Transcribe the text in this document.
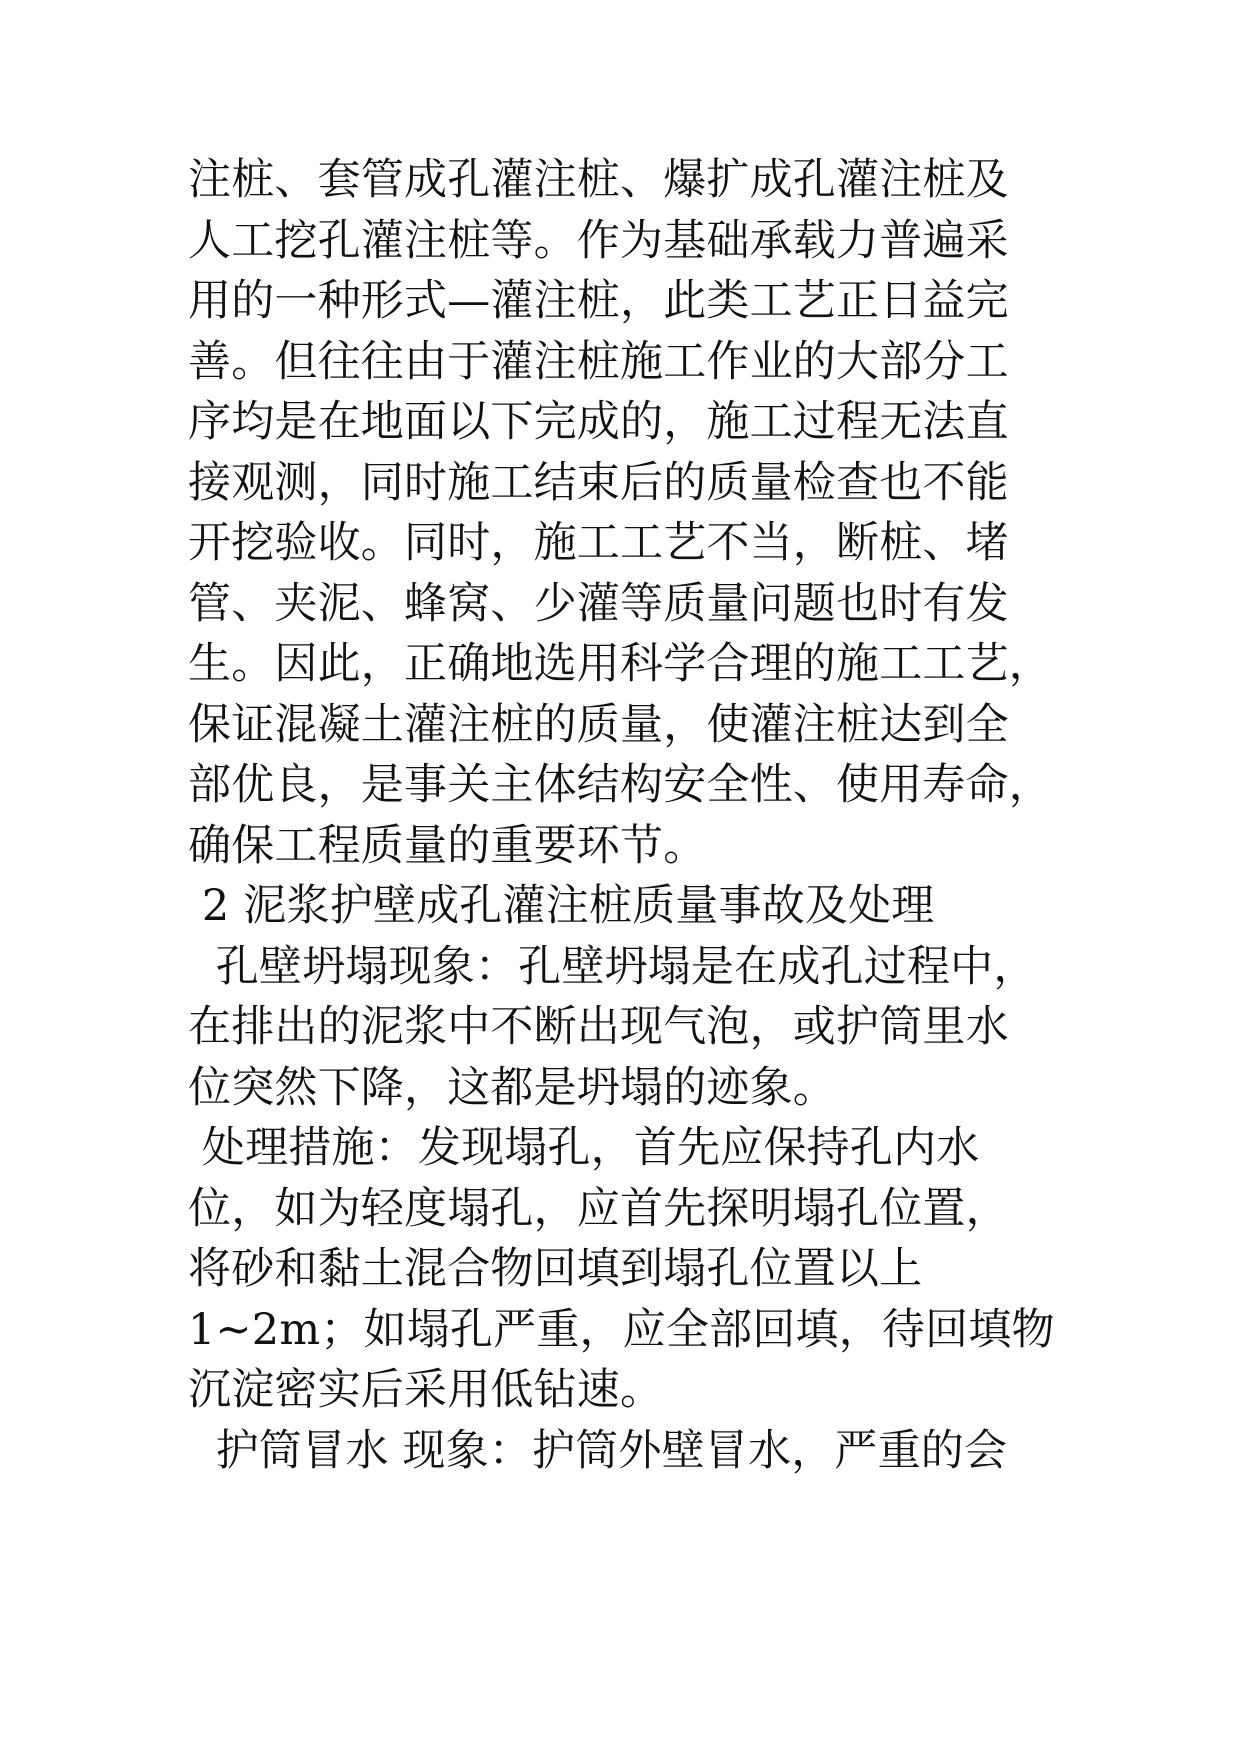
注桩、套管成孔灌注桩、爆扩成孔灌注桩及
人工挖孔灌注桩等。作为基础承载力普遍采
用的一种形式—灌注桩，此类工艺正日益完
善。但往往由于灌注桩施工作业的大部分工
序均是在地面以下完成的，施工过程无法直
接观测，同时施工结束后的质量检查也不能
开挖验收。同时，施工工艺不当，断桩、堵
管、夹泥、蜂窝、少灌等质量问题也时有发
生。因此，正确地选用科学合理的施工工艺，
保证混凝土灌注桩的质量，使灌注桩达到全
部优良，是事关主体结构安全性、使用寿命，
确保工程质量的重要环节。
2 泥浆护壁成孔灌注桩质量事故及处理
孔壁坍塌现象：孔壁坍塌是在成孔过程中，
在排出的泥浆中不断出现气泡，或护筒里水
位突然下降，这都是坍塌的迹象。
处理措施：发现塌孔，首先应保持孔内水
位，如为轻度塌孔，应首先探明塌孔位置，
将砂和黏土混合物回填到塌孔位置以上
1~2m；如塌孔严重，应全部回填，待回填物
沉淀密实后采用低钻速。
护筒冒水 现象：护筒外壁冒水，严重的会
